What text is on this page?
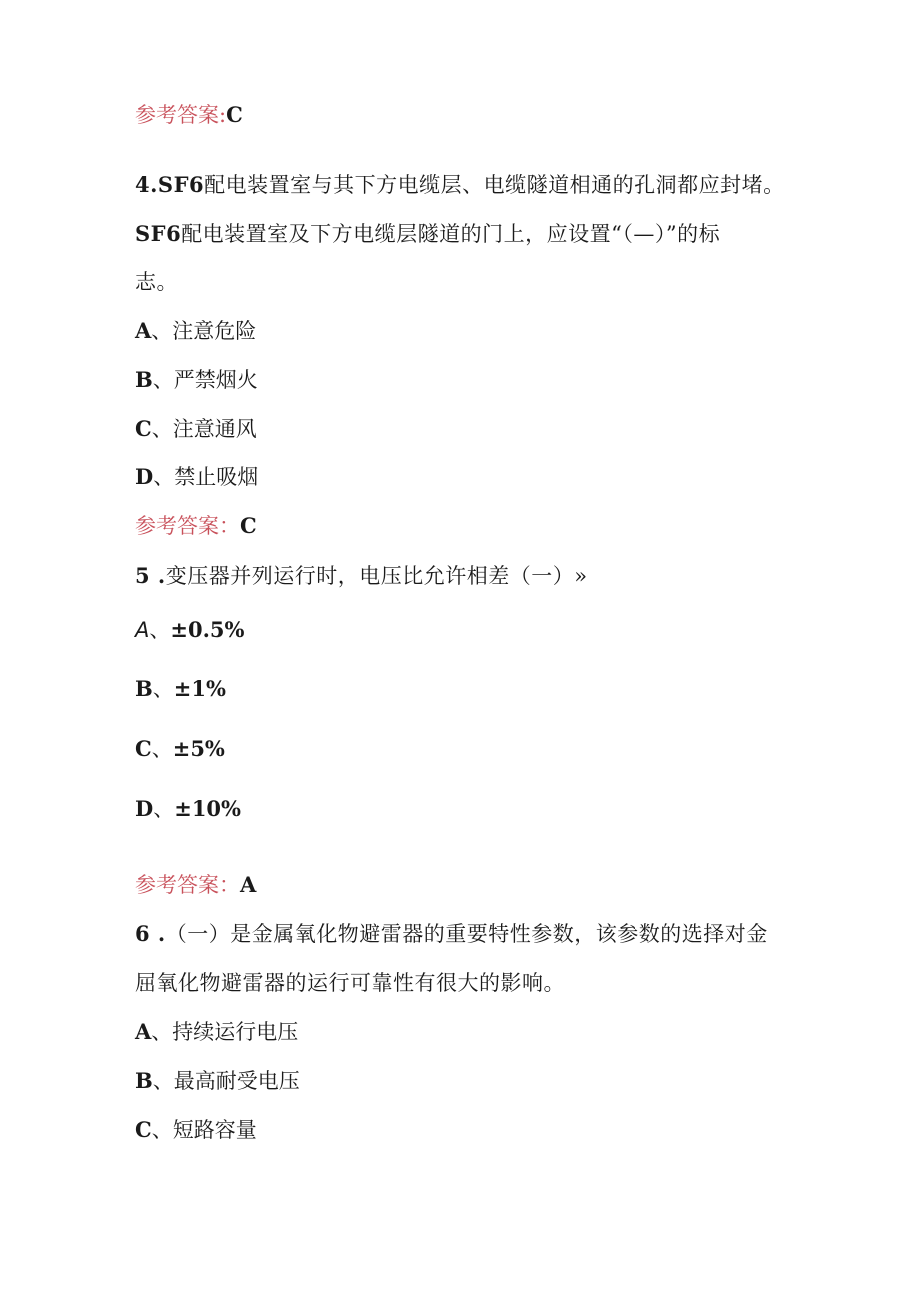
参考答案:C
4.SF6配电装置室与其下方电缆层、电缆隧道相通的孔洞都应封堵。
SF6配电装置室及下方电缆层隧道的门上，应设置“（—）”的标
志。
A、注意危险
B、严禁烟火
C、注意通风
D、禁止吸烟
参考答案：C
5 .变压器并列运行时，电压比允许相差（一）»
A、±0.5%
B、±1%
C、±5%
D、±10%
参考答案：A
6 .（一）是金属氧化物避雷器的重要特性参数，该参数的选择对金
屈氧化物避雷器的运行可靠性有很大的影响。
A、持续运行电压
B、最高耐受电压
C、短路容量
